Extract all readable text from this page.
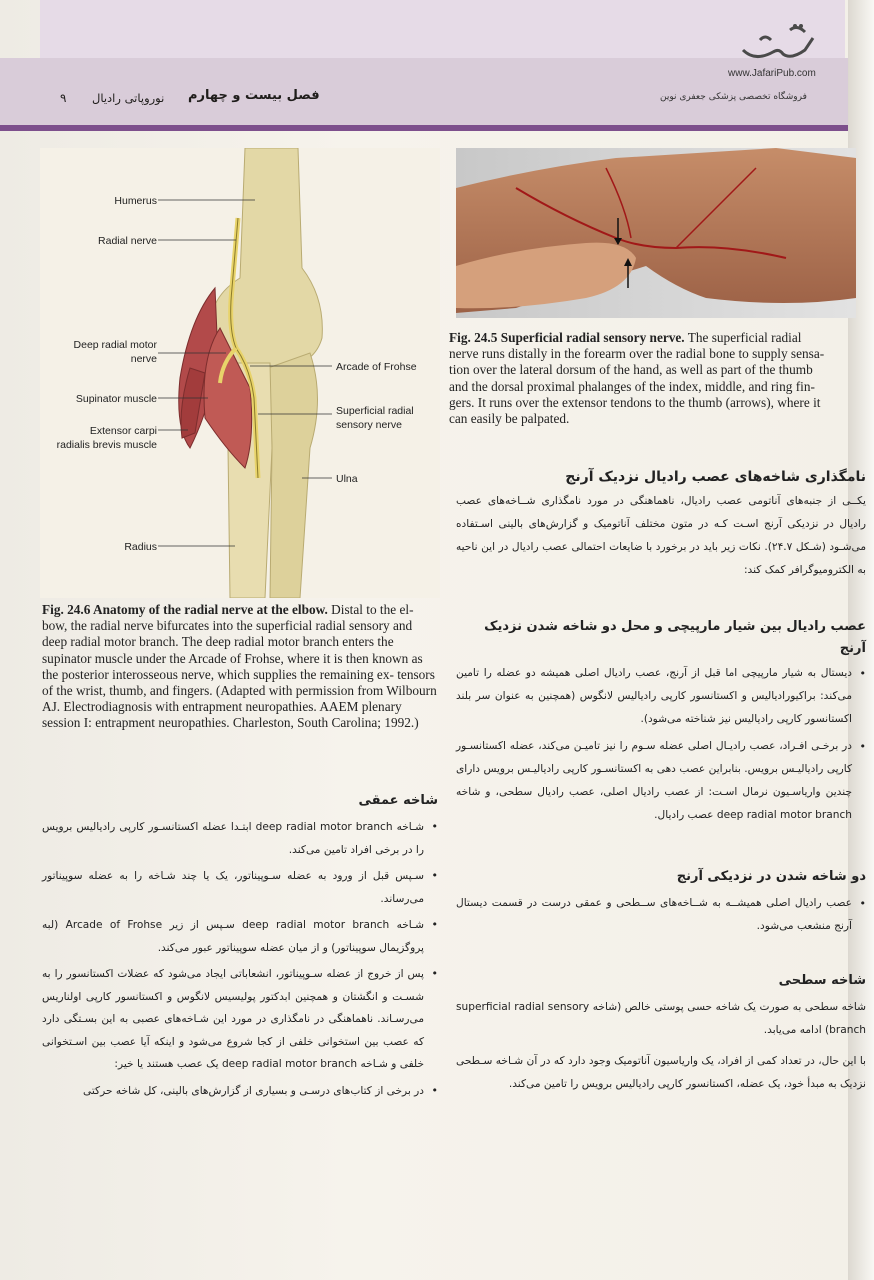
www.JafariPub.com
فروشگاه تخصصی پزشکی جعفری نوین
۹ نوروپاتی رادیال فصل بیست و چهارم
Fig. 24.5 Superficial radial sensory nerve. The superficial radial nerve runs distally in the forearm over the radial bone to supply sensa- tion over the lateral dorsum of the hand, as well as part of the thumb and the dorsal proximal phalanges of the index, middle, and ring fin- gers. It runs over the extensor tendons to the thumb (arrows), where it can easily be palpated.
Humerus
Radial nerve
Deep radial motor
nerve
Supinator muscle
Extensor carpi
radialis brevis muscle
Radius
Arcade of Frohse
Superficial radial
sensory nerve
Ulna
Fig. 24.6 Anatomy of the radial nerve at the elbow. Distal to the el- bow, the radial nerve bifurcates into the superficial radial sensory and deep radial motor branch. The deep radial motor branch enters the supinator muscle under the Arcade of Frohse, where it is then known as the posterior interosseous nerve, which supplies the remaining ex- tensors of the wrist, thumb, and fingers. (Adapted with permission from Wilbourn AJ. Electrodiagnosis with entrapment neuropathies. AAEM plenary session I: entrapment neuropathies. Charleston, South Carolina; 1992.)
نامگذاری شاخه‌های عصب رادیال نزدیک آرنج
یکــی از جنبه‌های آناتومی عصب رادیال، ناهماهنگی در مورد نامگذاری شــاخه‌های عصب رادیال در نزدیکی آرنج اسـت کـه در متون مختلف آناتومیک و گزارش‌های بالینی اسـتفاده می‌شـود (شـکل ۲۴.۷). نکات زیر باید در برخورد با ضایعات احتمالی عصب رادیال در این ناحیه به الکترومیوگرافر کمک کند:
عصب رادیال بین شیار مارپیچی و محل دو شاخه شدن نزدیک آرنج
•
دیستال به شیار مارپیچی اما قبل از آرنج، عصب رادیال اصلی همیشه دو عضله را تامین می‌کند: براکیورادیالیس و اکستانسور کارپی رادیالیس لانگوس (همچنین به عنوان سر بلند اکستانسور کارپی رادیالیس نیز شناخته می‌شود).
•
در برخـی افـراد، عصب رادیـال اصلی عضله سـوم را نیز تامیـن می‌کند، عضله اکستانسـور کارپی رادیالیـس برویس. بنابراین عصب دهی به اکستانسـور کارپی رادیالیـس برویس دارای چندین واریاسـیون نرمال اسـت: از عصب رادیال اصلی، عصب رادیال سطحی، و شاخه deep radial motor branch عصب رادیال.
دو شاخه شدن در نزدیکی آرنج
•
عصب رادیال اصلی همیشــه به شــاخه‌های ســطحی و عمقی درست در قسمت دیستال آرنج منشعب می‌شود.
شاخه سطحی
شاخه سطحی به صورت یک شاخه حسی پوستی خالص (شاخه superficial radial sensory branch) ادامه می‌یابد.
با این حال، در تعداد کمی از افراد، یک واریاسیون آناتومیک وجود دارد که در آن شـاخه سـطحی نزدیک به مبدأ خود، یک عضله، اکستانسور کارپی رادیالیس برویس را تامین می‌کند.
شاخه عمقی
•
شـاخه deep radial motor branch ابتـدا عضله اکستانسـور کارپی رادیالیس برویس را در برخی افراد تامین می‌کند.
•
سـپس قبل از ورود به عضله سـوپیناتور، یک یا چند شـاخه را به عضله سوپیناتور می‌رساند.
•
شـاخه deep radial motor branch سـپس از زیر Arcade of Frohse (لبه پروگزیمال سوپیناتور) و از میان عضله سوپیناتور عبور می‌کند.
•
پس از خروج از عضله سـوپیناتور، انشعاباتی ایجاد می‌شود که عضلات اکستانسور را به شسـت و انگشتان و همچنین ابدکتور پولیسیس لانگوس و اکستانسور کارپی اولناریس می‌رسـاند. ناهماهنگی در نامگذاری در مورد این شـاخه‌های عصبی به این بسـتگی دارد که عصب بین استخوانی خلفی از کجا شروع می‌شود و اینکه آیا عصب بین اسـتخوانی خلفی و شـاخه deep radial motor branch یک عصب هستند یا خیر:
•
در برخی از کتاب‌های درسـی و بسیاری از گزارش‌های بالینی، کل شاخه حرکتی
